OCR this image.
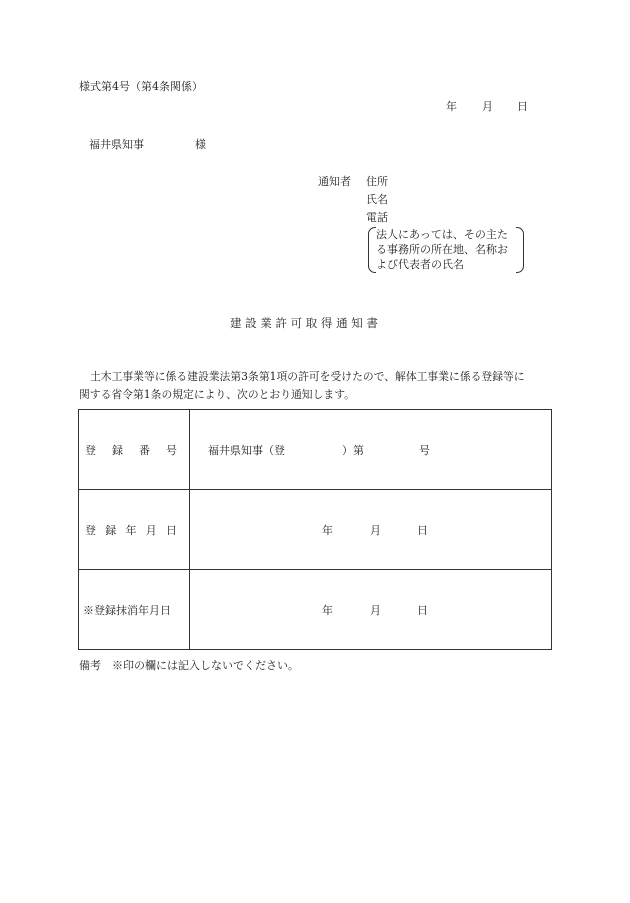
様式第4号（第4条関係）
年 月 日
福井県知事	様
通知者 住所
氏名
電話
法人にあっては、その主た
る事務所の所在地、名称お
よび代表者の氏名
建 設 業 許 可 取 得 通 知 書
土木工事業等に係る建設業法第3条第1項の許可を受けたので、解体工事業に係る登録等に
関する省令第1条の規定により、次のとおり通知します。
登 録 番 号	福井県知事（登 ）第 号

登 録 年 月 日	年 月 日

※登録抹消年月日	年 月 日
備考　※印の欄には記入しないでください。
